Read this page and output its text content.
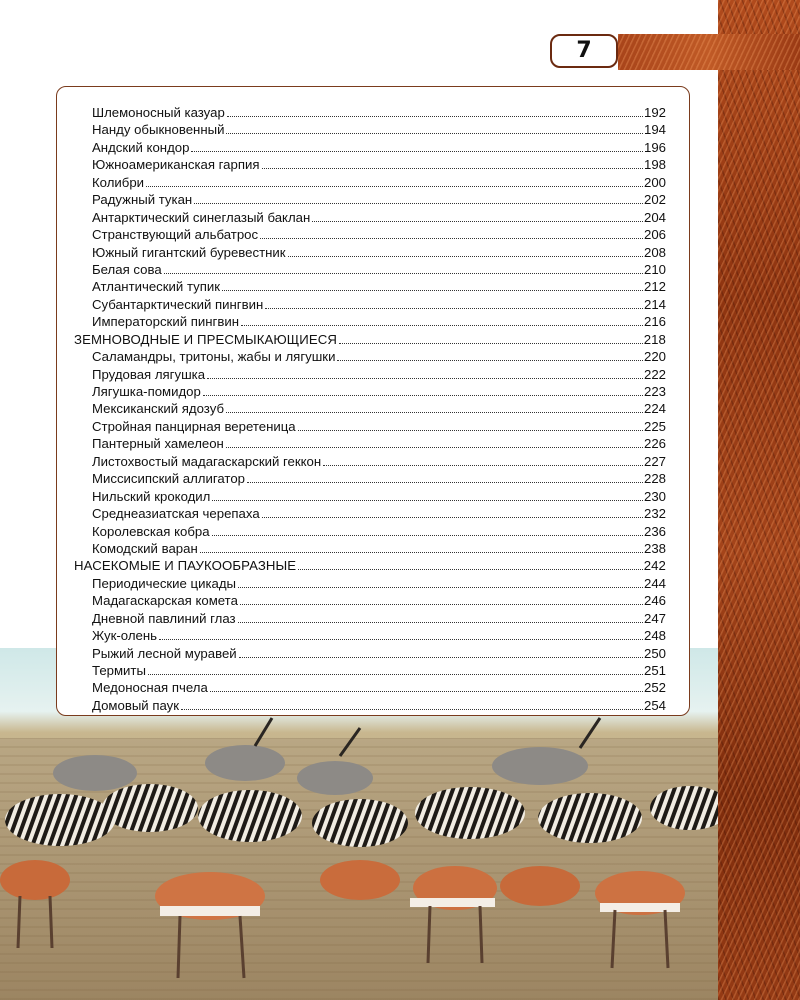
7
Шлемоносный казуар	192
Нанду обыкновенный	194
Андский кондор	196
Южноамериканская гарпия	198
Колибри	200
Радужный тукан	202
Антарктический синеглазый баклан	204
Странствующий альбатрос	206
Южный гигантский буревестник	208
Белая сова	210
Атлантический тупик	212
Субантарктический пингвин	214
Императорский пингвин	216
ЗЕМНОВОДНЫЕ И ПРЕСМЫКАЮЩИЕСЯ	218
Саламандры, тритоны, жабы и лягушки	220
Прудовая лягушка	222
Лягушка-помидор	223
Мексиканский ядозуб	224
Стройная панцирная веретеница	225
Пантерный хамелеон	226
Листохвостый мадагаскарский геккон	227
Миссисипский аллигатор	228
Нильский крокодил	230
Среднеазиатская черепаха	232
Королевская кобра	236
Комодский варан	238
НАСЕКОМЫЕ И ПАУКООБРАЗНЫЕ	242
Периодические цикады	244
Мадагаскарская комета	246
Дневной павлиний глаз	247
Жук-олень	248
Рыжий лесной муравей	250
Термиты	251
Медоносная пчела	252
Домовый паук	254
